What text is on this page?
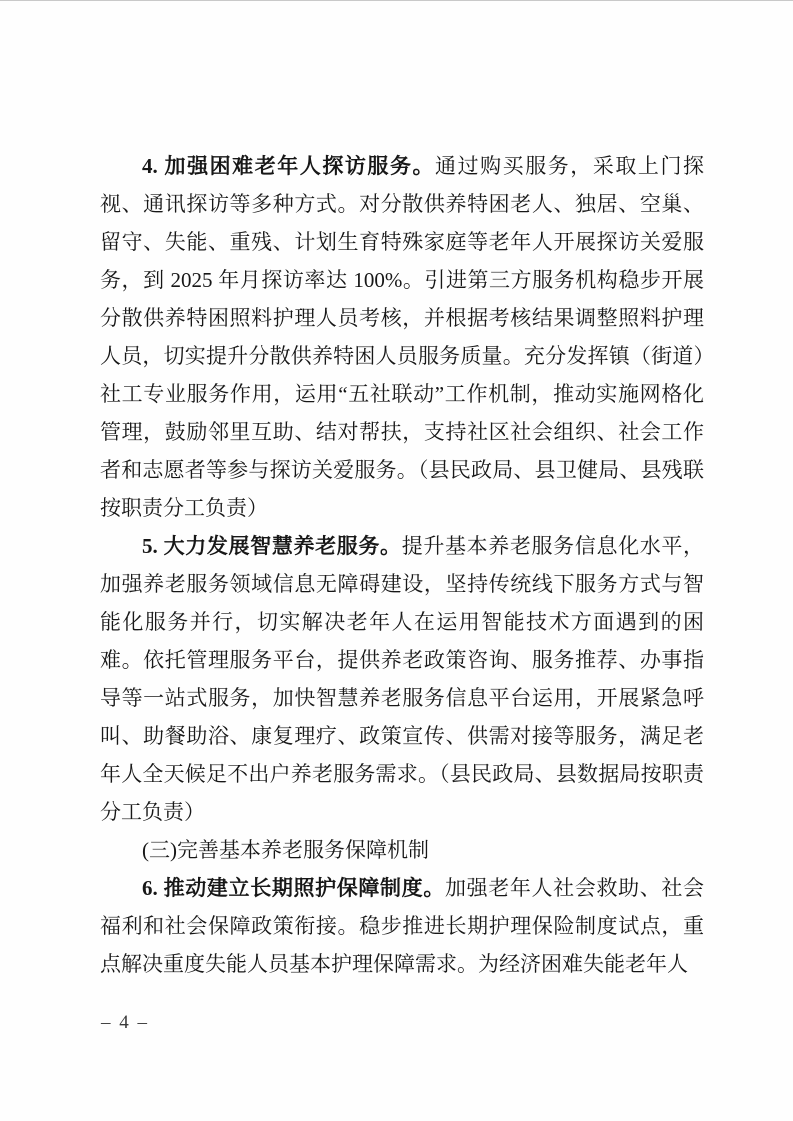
4. 加强困难老年人探访服务。通过购买服务，采取上门探视、通讯探访等多种方式。对分散供养特困老人、独居、空巢、留守、失能、重残、计划生育特殊家庭等老年人开展探访关爱服务，到 2025 年月探访率达 100%。引进第三方服务机构稳步开展分散供养特困照料护理人员考核，并根据考核结果调整照料护理人员，切实提升分散供养特困人员服务质量。充分发挥镇（街道）社工专业服务作用，运用“五社联动”工作机制，推动实施网格化管理，鼓励邻里互助、结对帮扶，支持社区社会组织、社会工作者和志愿者等参与探访关爱服务。（县民政局、县卫健局、县残联按职责分工负责）

5. 大力发展智慧养老服务。提升基本养老服务信息化水平，加强养老服务领域信息无障碍建设，坚持传统线下服务方式与智能化服务并行，切实解决老年人在运用智能技术方面遇到的困难。依托管理服务平台，提供养老政策咨询、服务推荐、办事指导等一站式服务，加快智慧养老服务信息平台运用，开展紧急呼叫、助餐助浴、康复理疗、政策宣传、供需对接等服务，满足老年人全天候足不出户养老服务需求。（县民政局、县数据局按职责分工负责）

(三)完善基本养老服务保障机制

6. 推动建立长期照护保障制度。加强老年人社会救助、社会福利和社会保障政策衔接。稳步推进长期护理保险制度试点，重点解决重度失能人员基本护理保障需求。为经济困难失能老年人

– 4 –
